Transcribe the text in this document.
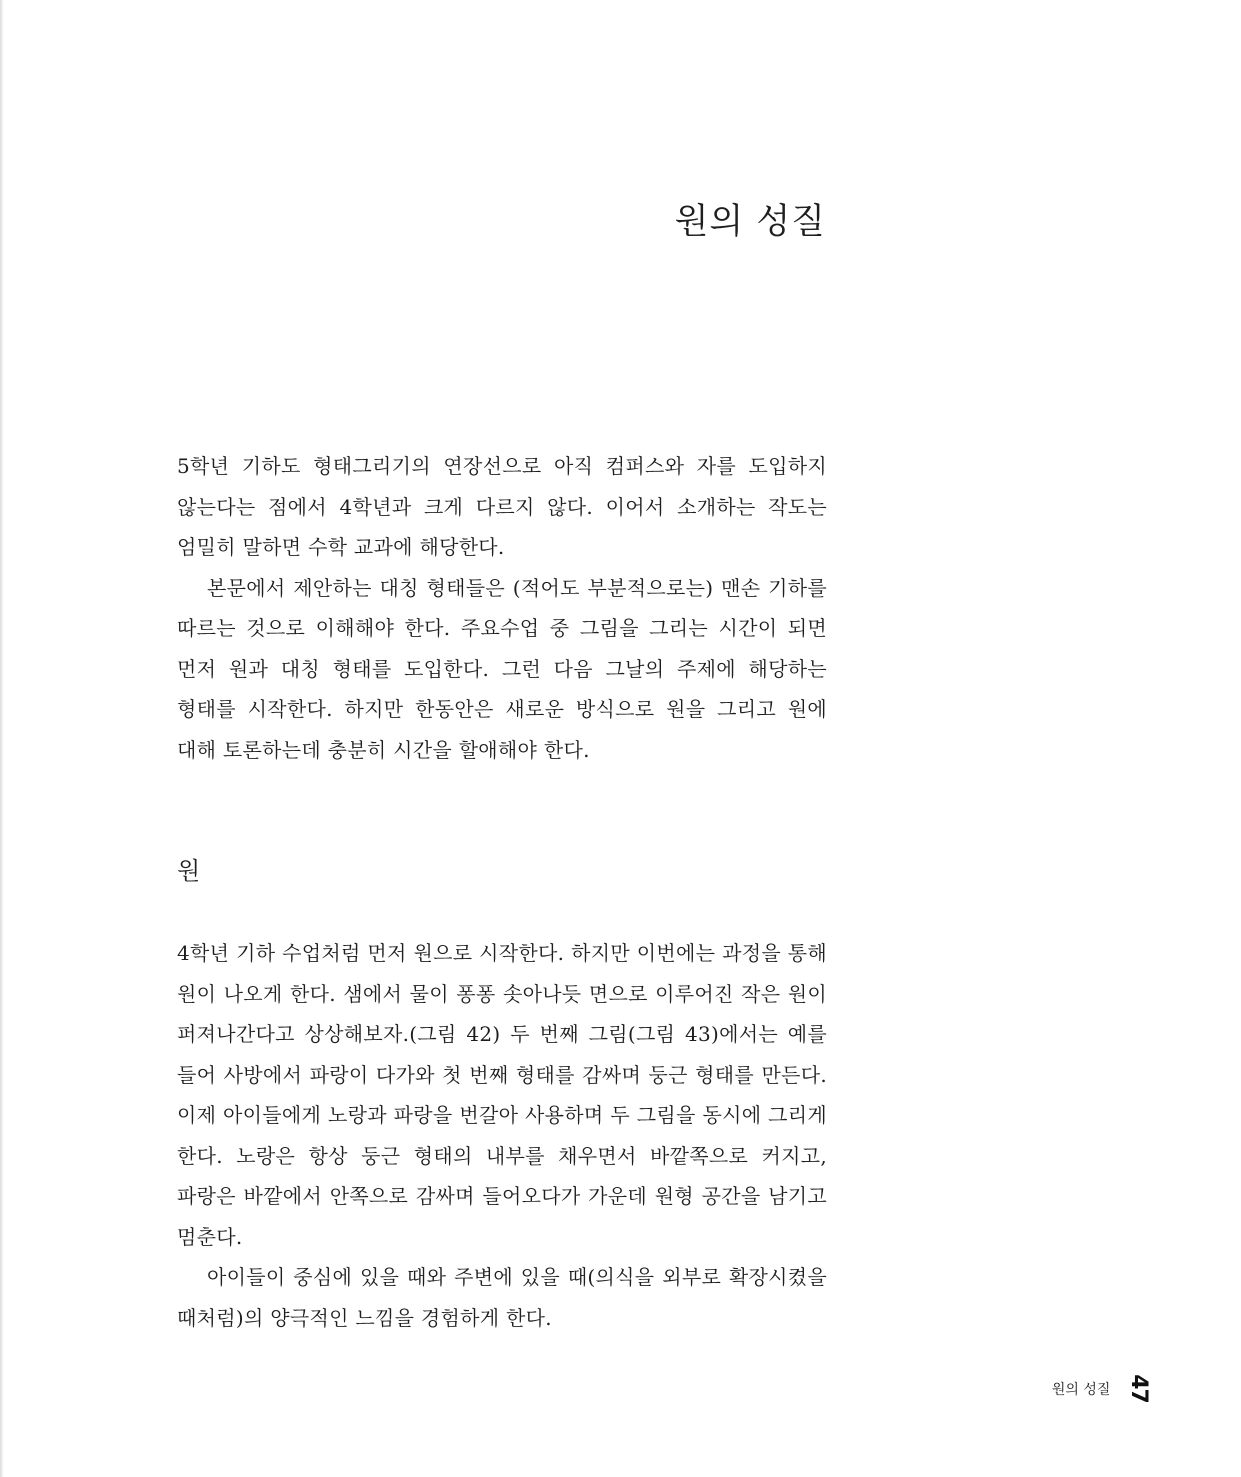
원의 성질

5학년 기하도 형태그리기의 연장선으로 아직 컴퍼스와 자를 도입하지 않는다는 점에서 4학년과 크게 다르지 않다. 이어서 소개하는 작도는 엄밀히 말하면 수학 교과에 해당한다.

본문에서 제안하는 대칭 형태들은 (적어도 부분적으로는) 맨손 기하를 따르는 것으로 이해해야 한다. 주요수업 중 그림을 그리는 시간이 되면 먼저 원과 대칭 형태를 도입한다. 그런 다음 그날의 주제에 해당하는 형태를 시작한다. 하지만 한동안은 새로운 방식으로 원을 그리고 원에 대해 토론하는데 충분히 시간을 할애해야 한다.

원

4학년 기하 수업처럼 먼저 원으로 시작한다. 하지만 이번에는 과정을 통해 원이 나오게 한다. 샘에서 물이 퐁퐁 솟아나듯 면으로 이루어진 작은 원이 퍼져나간다고 상상해보자.(그림 42) 두 번째 그림(그림 43)에서는 예를 들어 사방에서 파랑이 다가와 첫 번째 형태를 감싸며 둥근 형태를 만든다. 이제 아이들에게 노랑과 파랑을 번갈아 사용하며 두 그림을 동시에 그리게 한다. 노랑은 항상 둥근 형태의 내부를 채우면서 바깥쪽으로 커지고, 파랑은 바깥에서 안쪽으로 감싸며 들어오다가 가운데 원형 공간을 남기고 멈춘다.

아이들이 중심에 있을 때와 주변에 있을 때(의식을 외부로 확장시켰을 때처럼)의 양극적인 느낌을 경험하게 한다.

원의 성질 47
